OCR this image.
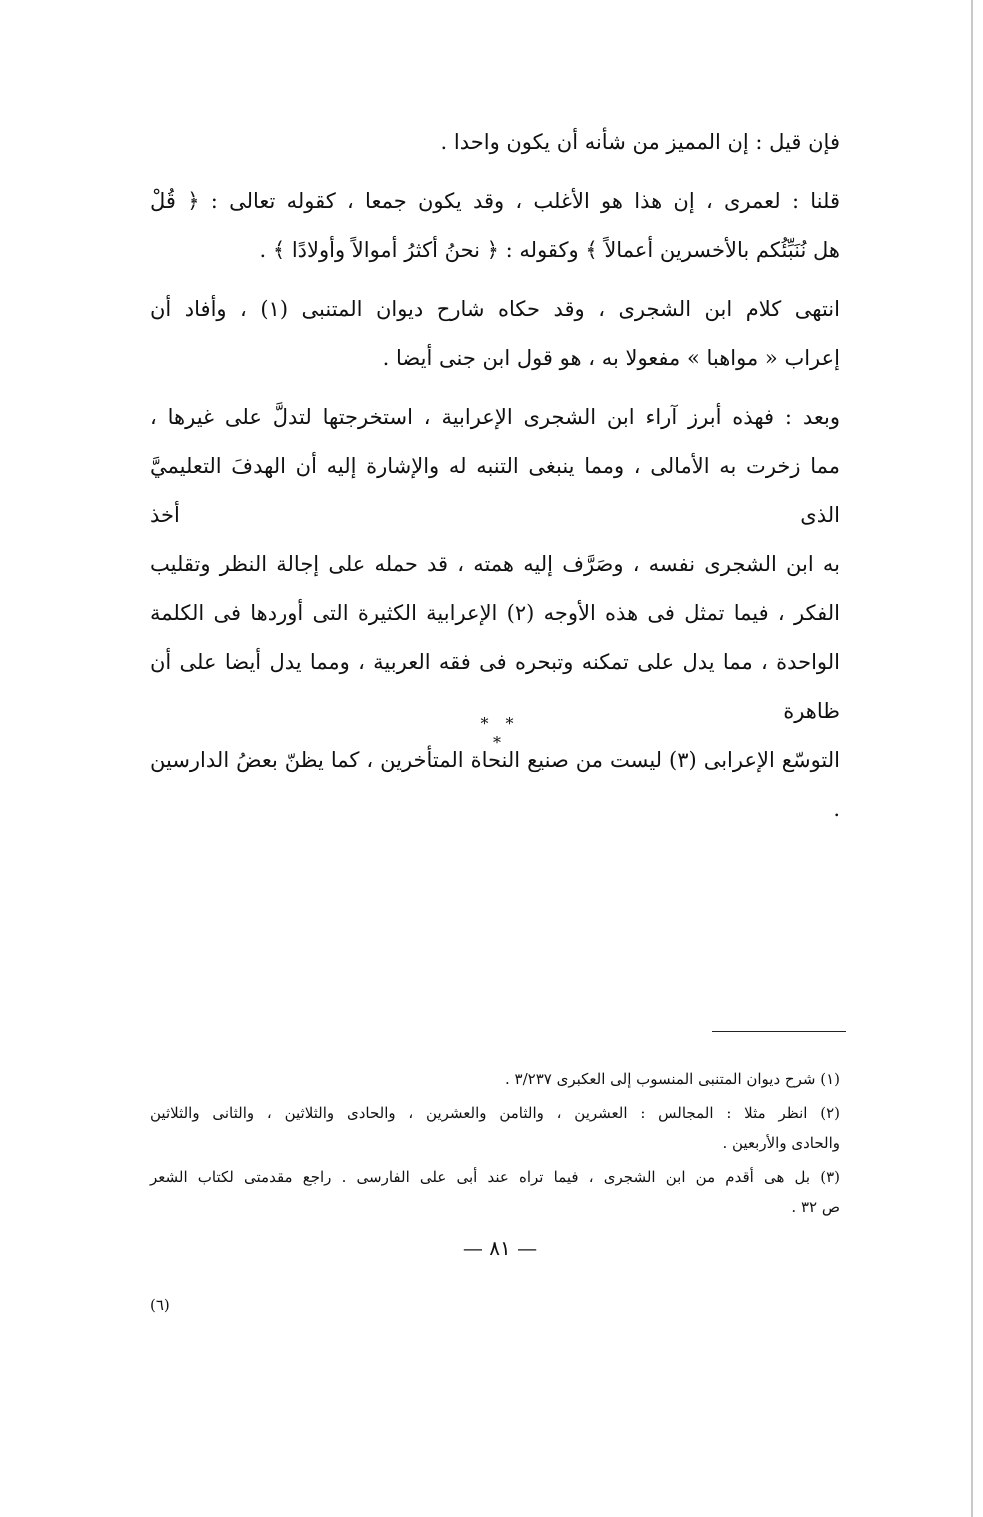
فإن قيل : إن المميز من شأنه أن يكون واحدا .

قلنا : لعمرى ، إن هذا هو الأغلب ، وقد يكون جمعا ، كقوله تعالى : ﴿ قُلْ

هل نُنَبِّئُكم بالأخسرين أعمالاً ﴾ وكقوله : ﴿ نحنُ أكثرُ أموالاً وأولادًا ﴾ .

انتهى كلام ابن الشجرى ، وقد حكاه شارح ديوان المتنبى (١) ، وأفاد أن

إعراب « مواهبا » مفعولا به ، هو قول ابن جنى أيضا .

وبعد : فهذه أبرز آراء ابن الشجرى الإعرابية ، استخرجتها لتدلَّ على غيرها ،

مما زخرت به الأمالى ، ومما ينبغى التنبه له والإشارة إليه أن الهدفَ التعليميَّ الذى أخذ

به ابن الشجرى نفسه ، وصَرَّف إليه همته ، قد حمله على إجالة النظر وتقليب

الفكر ، فيما تمثل فى هذه الأوجه (٢) الإعرابية الكثيرة التى أوردها فى الكلمة

الواحدة ، مما يدل على تمكنه وتبحره فى فقه العربية ، ومما يدل أيضا على أن ظاهرة

التوسّع الإعرابى (٣) ليست من صنيع النحاة المتأخرين ، كما يظنّ بعضُ الدارسين .

* * *

(١) شرح ديوان المتنبى المنسوب إلى العكبرى ٣/٢٣٧ .

(٢) انظر مثلا : المجالس : العشرين ، والثامن والعشرين ، والحادى والثلاثين ، والثانى والثلاثين

والحادى والأربعين .

(٣) بل هى أقدم من ابن الشجرى ، فيما تراه عند أبى على الفارسى . راجع مقدمتى لكتاب الشعر

ص ٣٢ .

— ٨١ —
(٦)
